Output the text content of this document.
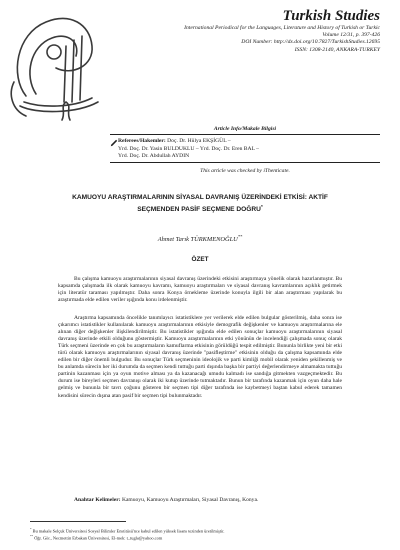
Turkish Studies

International Periodical for the Languages, Literature and History of Turkish or Turkic

Volume 12/31, p. 397-426

DOI Number: http://dx.doi.org/10.7827/TurkishStudies.12695

ISSN: 1308-2140, ANKARA-TURKEY

Article Info/Makale Bilgisi
Referees/Hakemler: Doç. Dr. Hülya EKŞİGÜL –
Yrd. Doç. Dr. Yasin BULDUKLU – Yrd. Doç. Dr. Eren BAL –
Yrd. Doç. Dr. Abdullah AYDIN
This article was checked by iThenticate.
KAMUOYU ARAŞTIRMALARININ SİYASAL DAVRANIŞ ÜZERİNDEKİ ETKİSİ: AKTİF SEÇMENDEN PASİF SEÇMENE DOĞRU*
Ahmet Tarık TÜRKMENOĞLU**
ÖZET

Bu çalışma kamuoyu araştırmalarının siyasal davranış üzerindeki etkisini araştırmaya yönelik olarak hazırlanmıştır. Bu kapsamda çalışmada ilk olarak kamuoyu kavramı, kamuoyu araştırmaları ve siyasal davranış kavramlarının açıklık getirmek için literatür taraması yapılmıştır. Daha sonra Konya örnekleme üzerinde konuyla ilgili bir alan araştırması yapılarak bu araştırmada elde edilen veriler ışığında konu irdelenmiştir.

Araştırma kapsamında öncelikle tanımlayıcı istatistiklere yer verilerek elde edilen bulgular gösterilmiş, daha sonra ise çıkarımcı istatistikler kullanılarak kamuoyu araştırmalarının etkisiyle demografik değişkenler ve kamuoyu araştırmalarına ele alınan diğer değişkenler ilişkilendirilmiştir. Bu istatistikler ışığında elde edilen sonuçlar kamuoyu araştırmalarının siyasal davranış üzerinde etkili olduğunu göstermiştir. Kamuoyu araştırmalarının etki yönünün de incelendiği çalışmada sonuç olarak Türk seçmeni üzerinde en çok bu araştırmaların kamuflarma etkisinin görüldüğü tespit edilmiştir. Bununla birlikte yeni bir etki türü olarak kamuoyu araştırmalarının siyasal davranış üzerinde "pasifleştirme" etkisinin olduğu da çalışma kapsamında elde edilen bir diğer önemli bulgudur. Bu sonuçlar Türk seçmeninin ideolojik ve parti kimliği mobil olarak yeniden şekillenmiş ve bu anlamda sürecin her iki durumda da seçmen kendi tuttuğu parti dışında başka bir partiyi değerlendirmeye almamakta tuttuğu partinin kazanması için ya oyun motive alması ya da kazanacağı umudu kalmadı ise sandığa gitmekten vazgeçmektedir. Bu durum ise bireyleri seçmen davranışı olarak iki kutup üzerinde tutmaktadır. Bunun bir tarafında kazanmak için oyun daha hale gelmiş ve bununla bir tavrı çoğunu gösteren bir seçmen tipi diğer tarafında ise kaybetmeyi baştan kabul ederek tamamen kendisini sürecin dışına atan pasif bir seçmen tipi bulunmaktadır.

Anahtar Kelimeler: Kamuoyu, Kamuoyu Araştırmaları, Siyasal Davranış, Konya.
* Bu makale Selçuk Üniversitesi Sosyal Bilimler Enstitüsü'nce kabul edilen yüksek lisans tezinden üretilmiştir.
** Öğr. Gör., Necmettin Erbakan Üniversitesi, El-mek: t_tugla@yahoo.com
